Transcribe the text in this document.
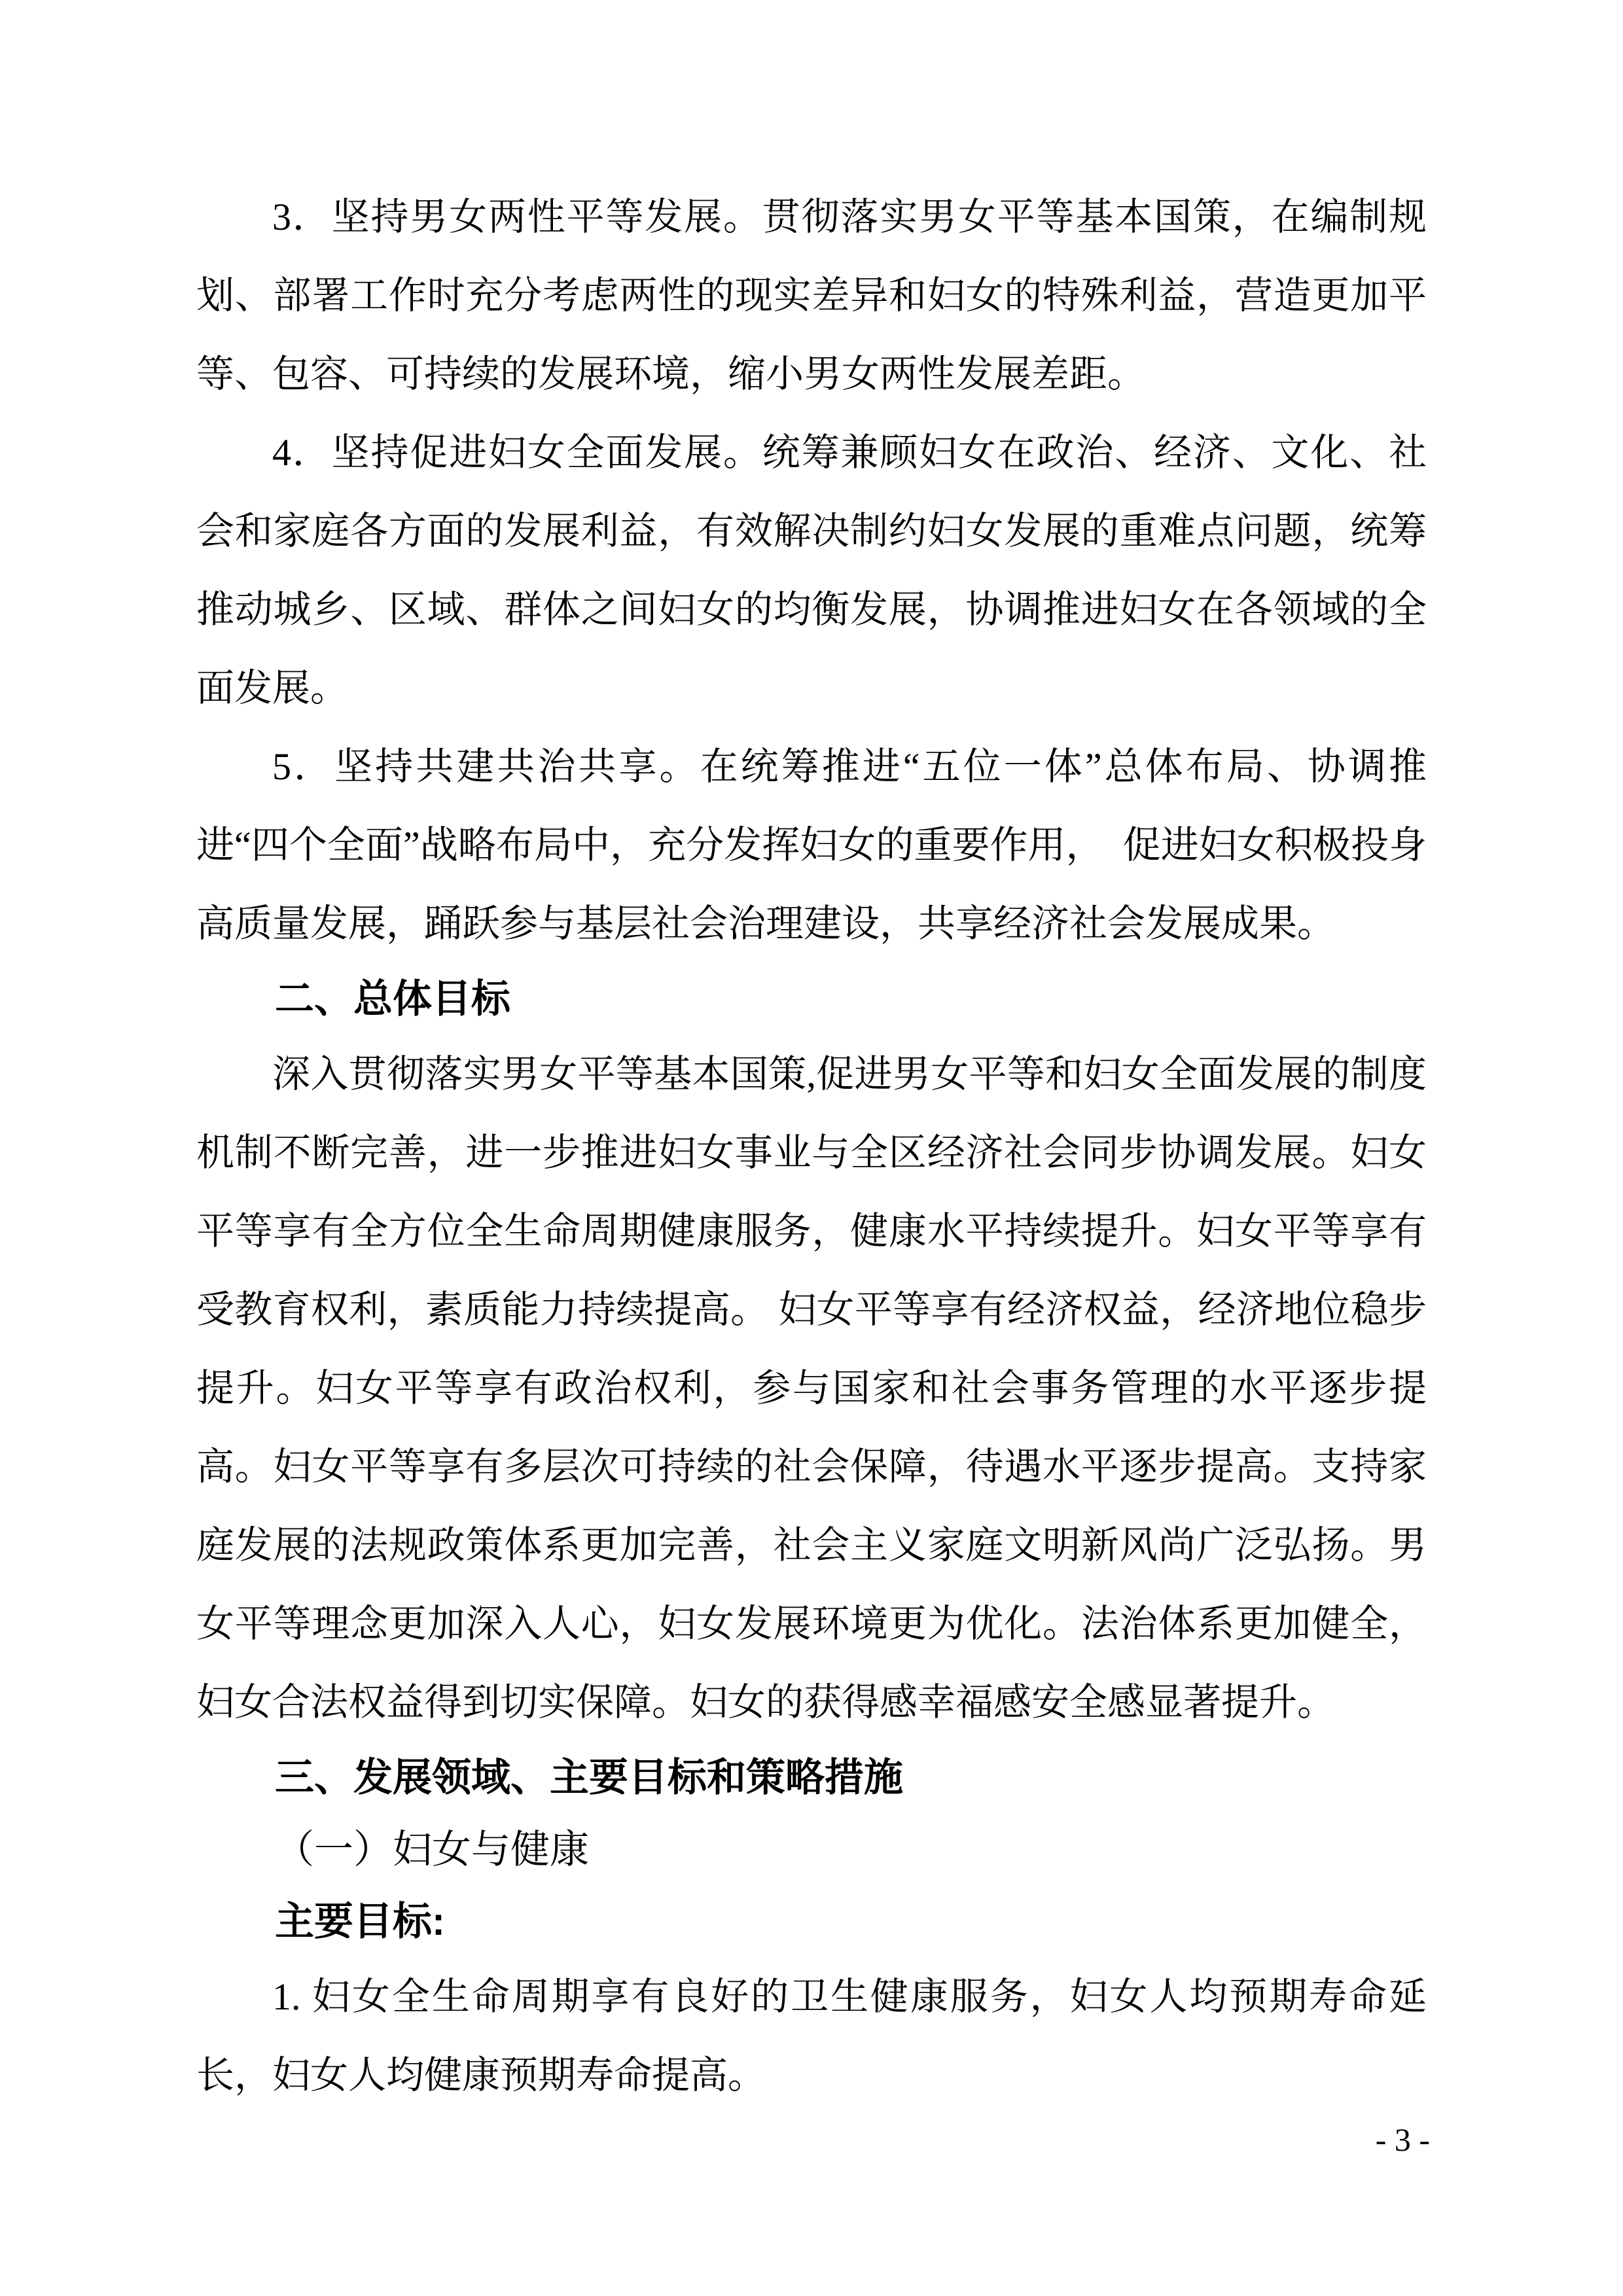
3．坚持男女两性平等发展。贯彻落实男女平等基本国策，在编制规划、部署工作时充分考虑两性的现实差异和妇女的特殊利益，营造更加平等、包容、可持续的发展环境，缩小男女两性发展差距。

4．坚持促进妇女全面发展。统筹兼顾妇女在政治、经济、文化、社会和家庭各方面的发展利益，有效解决制约妇女发展的重难点问题，统筹推动城乡、区域、群体之间妇女的均衡发展，协调推进妇女在各领域的全面发展。

5．坚持共建共治共享。在统筹推进“五位一体”总体布局、协调推进“四个全面”战略布局中，充分发挥妇女的重要作用，　促进妇女积极投身高质量发展，踊跃参与基层社会治理建设，共享经济社会发展成果。

二、总体目标

深入贯彻落实男女平等基本国策,促进男女平等和妇女全面发展的制度机制不断完善，进一步推进妇女事业与全区经济社会同步协调发展。妇女平等享有全方位全生命周期健康服务，健康水平持续提升。妇女平等享有受教育权利，素质能力持续提高。 妇女平等享有经济权益，经济地位稳步提升。妇女平等享有政治权利，参与国家和社会事务管理的水平逐步提高。妇女平等享有多层次可持续的社会保障，待遇水平逐步提高。支持家庭发展的法规政策体系更加完善，社会主义家庭文明新风尚广泛弘扬。男女平等理念更加深入人心，妇女发展环境更为优化。法治体系更加健全，妇女合法权益得到切实保障。妇女的获得感幸福感安全感显著提升。

三、发展领域、主要目标和策略措施

（一）妇女与健康

主要目标:

1. 妇女全生命周期享有良好的卫生健康服务，妇女人均预期寿命延长，妇女人均健康预期寿命提高。

- 3 -
